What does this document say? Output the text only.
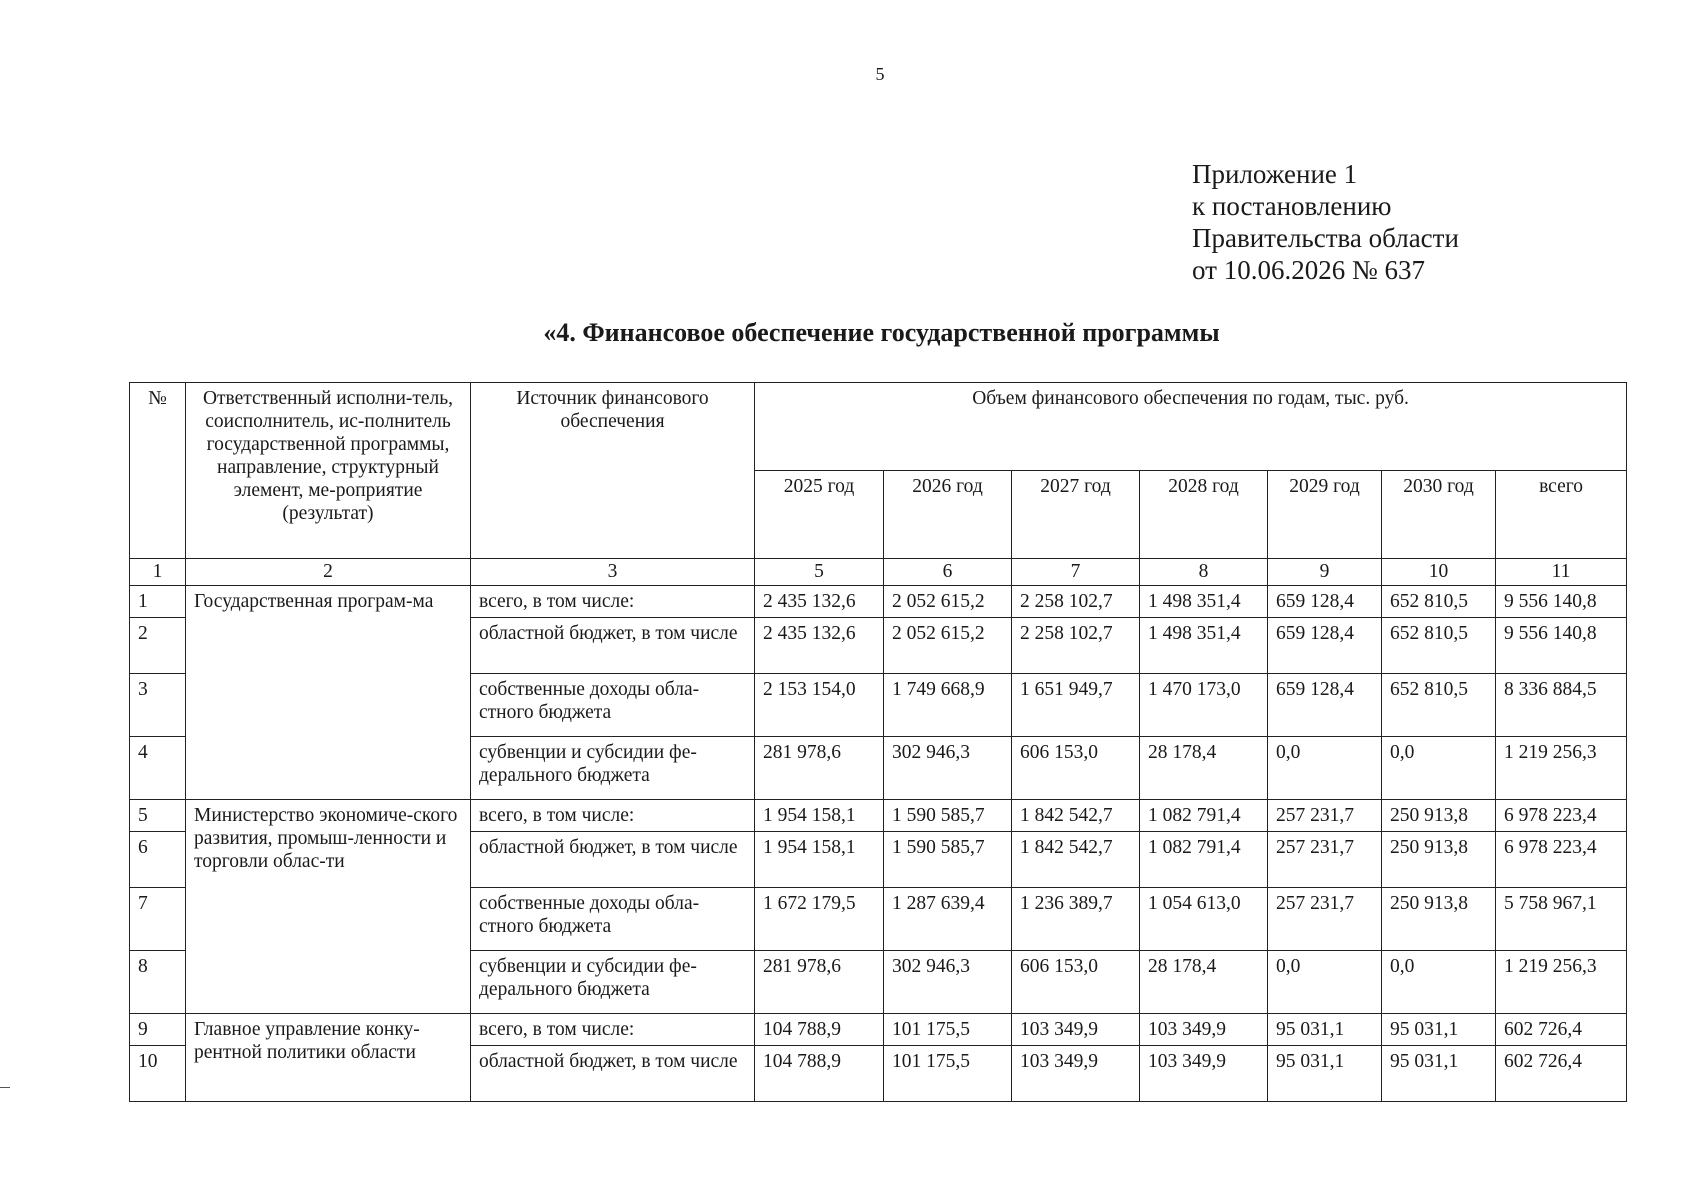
5
Приложение 1
к постановлению
Правительства области
от 10.06.2026 № 637
«4. Финансовое обеспечение государственной программы
№	Ответственный исполни-тель, соисполнитель, ис-полнитель государственной программы, направление, структурный элемент, ме-роприятие (результат)	Источник финансового обеспечения	Объем финансового обеспечения по годам, тыс. руб.						
			2025 год	2026 год	2027 год	2028 год	2029 год	2030 год	всего
1	2	3	5	6	7	8	9	10	11
1	Государственная програм-ма	всего, в том числе:	2 435 132,6	2 052 615,2	2 258 102,7	1 498 351,4	659 128,4	652 810,5	9 556 140,8
2		областной бюджет, в том числе	2 435 132,6	2 052 615,2	2 258 102,7	1 498 351,4	659 128,4	652 810,5	9 556 140,8
3		собственные доходы обла-стного бюджета	2 153 154,0	1 749 668,9	1 651 949,7	1 470 173,0	659 128,4	652 810,5	8 336 884,5
4		субвенции и субсидии фе-дерального бюджета	281 978,6	302 946,3	606 153,0	28 178,4	0,0	0,0	1 219 256,3
5	Министерство экономиче-ского развития, промыш-ленности и торговли облас-ти	всего, в том числе:	1 954 158,1	1 590 585,7	1 842 542,7	1 082 791,4	257 231,7	250 913,8	6 978 223,4
6		областной бюджет, в том числе	1 954 158,1	1 590 585,7	1 842 542,7	1 082 791,4	257 231,7	250 913,8	6 978 223,4
7		собственные доходы обла-стного бюджета	1 672 179,5	1 287 639,4	1 236 389,7	1 054 613,0	257 231,7	250 913,8	5 758 967,1
8		субвенции и субсидии фе-дерального бюджета	281 978,6	302 946,3	606 153,0	28 178,4	0,0	0,0	1 219 256,3
9	Главное управление конку-рентной политики области	всего, в том числе:	104 788,9	101 175,5	103 349,9	103 349,9	95 031,1	95 031,1	602 726,4
10		областной бюджет, в том числе	104 788,9	101 175,5	103 349,9	103 349,9	95 031,1	95 031,1	602 726,4
